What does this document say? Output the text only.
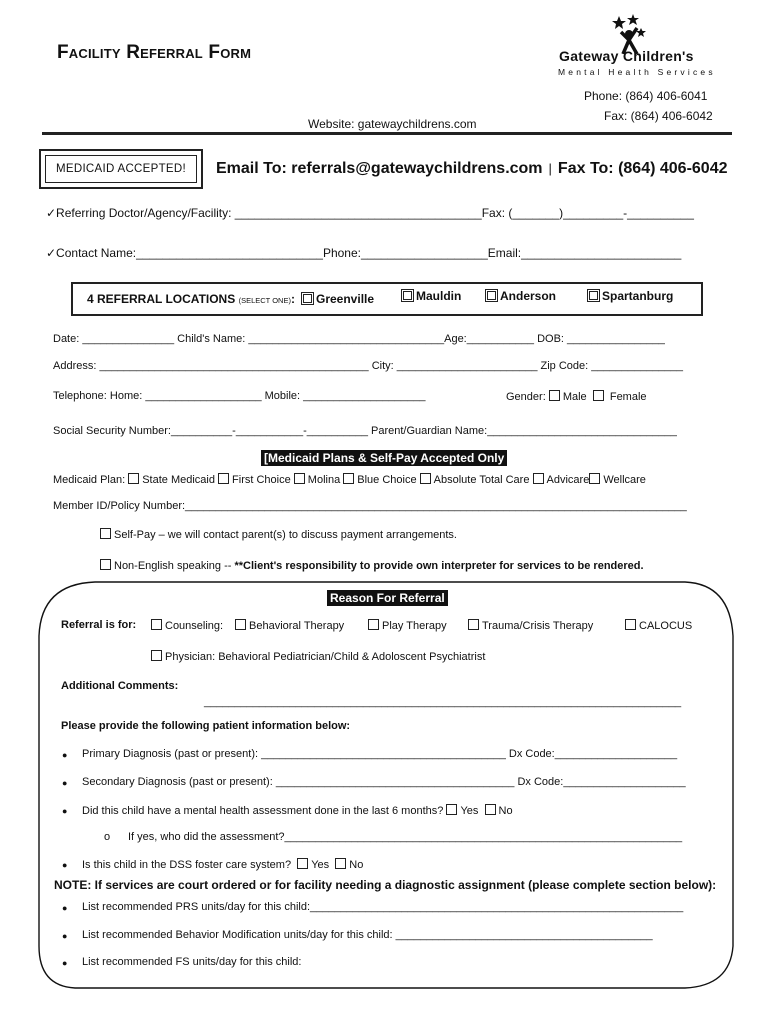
Facility Referral Form	Gateway Children's
Mental Health Services
Phone: (864) 406-6041
Fax: (864) 406-6042
Website: gatewaychildrens.com
MEDICAID ACCEPTED!	Email To: referrals@gatewaychildrens.com | Fax To: (864) 406-6042
✓Referring Doctor/Agency/Facility: _____________________________________Fax: (_______)_________-__________
✓Contact Name:____________________________Phone:___________________Email:________________________
4 REFERRAL LOCATIONS (SELECT ONE):	Greenville	Mauldin	Anderson	Spartanburg
Date: _______________ Child's Name: ________________________________Age:___________ DOB: ________________
Address: ____________________________________________ City: _______________________ Zip Code: _______________
Telephone: Home: ___________________ Mobile: ____________________	Gender: Male Female
Social Security Number:__________-___________-__________ Parent/Guardian Name:_______________________________
[Medicaid Plans & Self-Pay Accepted Only
Medicaid Plan: State Medicaid First Choice Molina Blue Choice Absolute Total Care Advicare Wellcare
Member ID/Policy Number:__________________________________________________________________________________
Self-Pay – we will contact parent(s) to discuss payment arrangements.
Non-English speaking -- **Client's responsibility to provide own interpreter for services to be rendered.
Reason For Referral
Referral is for:	Counseling:	Behavioral Therapy	Play Therapy	Trauma/Crisis Therapy	CALOCUS
Physician: Behavioral Pediatrician/Child & Adoloscent Psychiatrist
Additional Comments:
______________________________________________________________________________
Please provide the following patient information below:
● Primary Diagnosis (past or present): ________________________________________ Dx Code:____________________
● Secondary Diagnosis (past or present): _______________________________________ Dx Code:____________________
● Did this child have a mental health assessment done in the last 6 months? Yes No
o If yes, who did the assessment?_________________________________________________________________
● Is this child in the DSS foster care system? Yes No
NOTE: If services are court ordered or for facility needing a diagnostic assignment (please complete section below):
● List recommended PRS units/day for this child:_____________________________________________________________
● List recommended Behavior Modification units/day for this child: __________________________________________
● List recommended FS units/day for this child:
